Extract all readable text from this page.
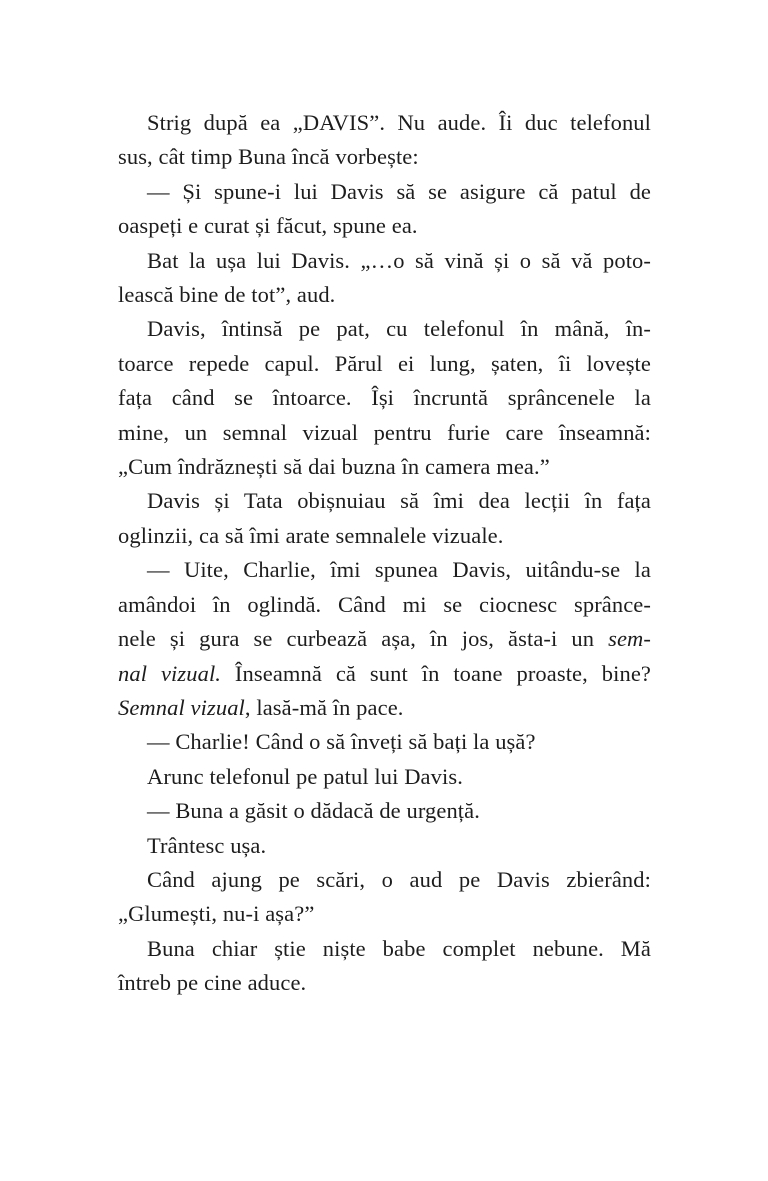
Strig după ea „DAVIS”. Nu aude. Îi duc telefonul
sus, cât timp Buna încă vorbește:
— Și spune-i lui Davis să se asigure că patul de
oaspeți e curat și făcut, spune ea.
Bat la ușa lui Davis. „…o să vină și o să vă poto-
lească bine de tot”, aud.
Davis, întinsă pe pat, cu telefonul în mână, în-
toarce repede capul. Părul ei lung, șaten, îi lovește
fața când se întoarce. Își încruntă sprâncenele la
mine, un semnal vizual pentru furie care înseamnă:
„Cum îndrăznești să dai buzna în camera mea.”
Davis și Tata obișnuiau să îmi dea lecții în fața
oglinzii, ca să îmi arate semnalele vizuale.
— Uite, Charlie, îmi spunea Davis, uitându-se la
amândoi în oglindă. Când mi se ciocnesc sprânce-
nele și gura se curbează așa, în jos, ăsta-i un sem-
nal vizual. Înseamnă că sunt în toane proaste, bine?
Semnal vizual, lasă-mă în pace.
— Charlie! Când o să înveți să bați la ușă?
Arunc telefonul pe patul lui Davis.
— Buna a găsit o dădacă de urgență.
Trântesc ușa.
Când ajung pe scări, o aud pe Davis zbierând:
„Glumești, nu-i așa?”
Buna chiar știe niște babe complet nebune. Mă
întreb pe cine aduce.
